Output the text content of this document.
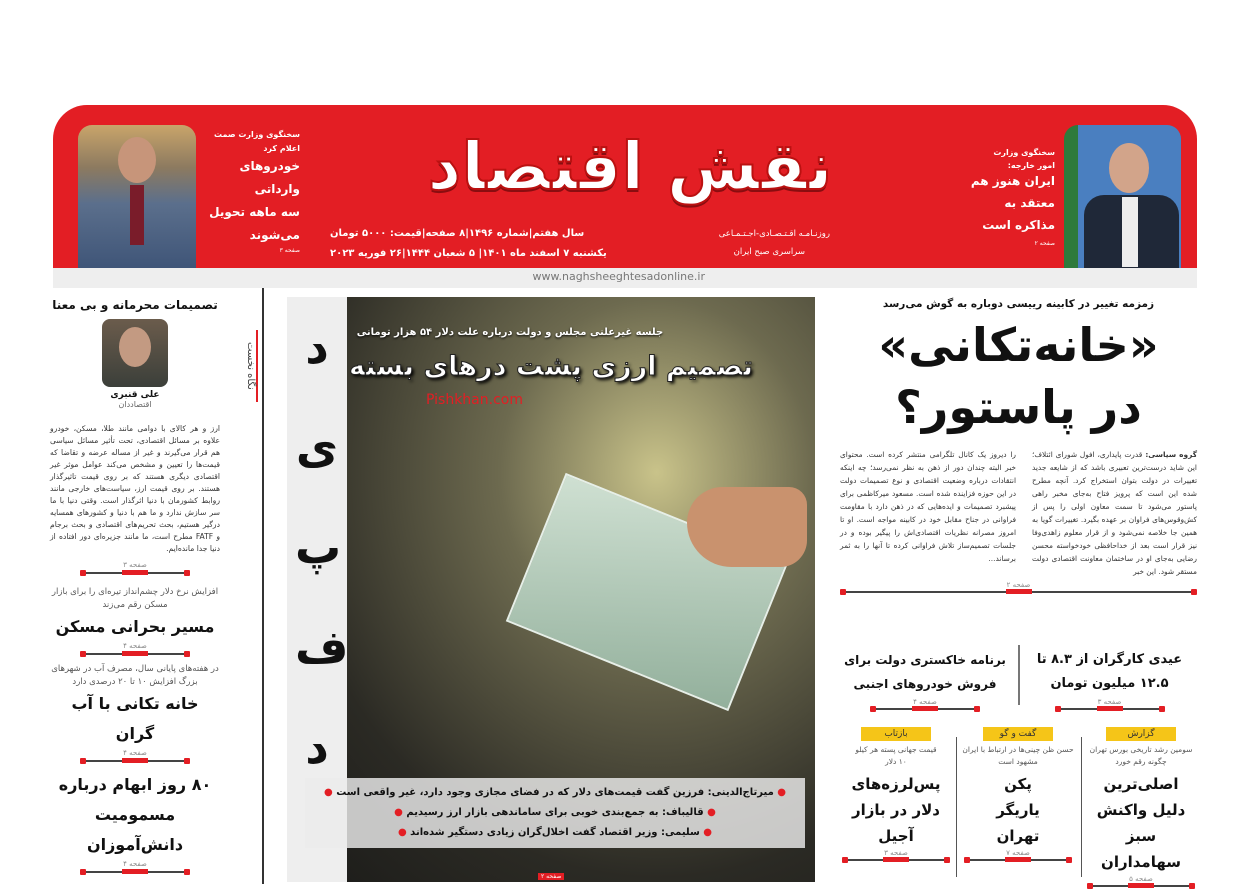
www.naghsheeghtesadonline.ir
سخنگوی وزارت صمت
اعلام کرد
خودروهای
وارداتی
سه ماهه تحویل
می‌شوند
صفحه ۳
نقش اقتصاد
روزنـامـه اقـتـصـادی-اجـتـمـاعی
سراسری صبح ایران
سال هفتم|شماره ۱۴۹۶|۸ صفحه|قیمت: ۵۰۰۰ تومان
یکشنبه ۷ اسفند ماه ۱۴۰۱| ۵ شعبان ۱۴۴۴|۲۶ فوریه ۲۰۲۳
سخنگوی وزارت
امور خارجه:
ایران هنوز هم
معتقد به
مذاکره است
صفحه ۲
نگاه نخست
تصمیمات محرمانه و بی معنا
علی قنبری
اقتصاددان
ارز و هر کالای با دوامی مانند طلا، مسکن، خودرو علاوه بر مسائل اقتصادی، تحت تأثیر مسائل سیاسی هم قرار می‌گیرند و غیر از مساله عرضه و تقاضا که قیمت‌ها را تعیین و مشخص می‌کند عوامل موثر غیر اقتصادی دیگری هستند که بر روی قیمت تاثیرگذار هستند. بر روی قیمت ارز، سیاست‌های خارجی مانند روابط کشورمان با دنیا اثرگذار است. وقتی دنیا با ما سر سازش ندارد و ما هم با دنیا و کشورهای همسایه درگیر هستیم، بحث تحریم‌های اقتصادی و بحث برجام و FATF مطرح است، ما مانند جزیره‌ای دور افتاده از دنیا جدا مانده‌ایم.
صفحه ۳
افزایش نرخ دلار چشم‌انداز تیره‌ای را برای بازار مسکن رقم می‌زند
مسیر بحرانی مسکن
صفحه ۴
در هفته‌های پایانی سال، مصرف آب در شهرهای بزرگ افزایش ۱۰ تا ۲۰ درصدی دارد
خانه تکانی با آب گران
صفحه ۴
۸۰ روز ابهام درباره مسمومیت دانش‌آموزان
صفحه ۴
د
ی
پ
ف
د
جلسه غیرعلنی مجلس و دولت درباره علت دلار ۵۴ هزار تومانی
تصمیم ارزی پشت درهای بسته
Pishkhan.com
● میرتاج‌الدینی: فرزین گفت قیمت‌های دلار که در فضای مجازی وجود دارد، غیر واقعی است ●
● قالیباف: به جمع‌بندی خوبی برای ساماندهی بازار ارز رسیدیم ●
● سلیمی: وزیر اقتصاد گفت اخلال‌گران زیادی دستگیر شده‌اند ●
صفحه ۲
زمزمه تغییر در کابینه رییسی دوباره به گوش می‌رسد
«خانه‌تکانی»
در پاستور؟
گروه سیاسی: قدرت پایداری، افول شورای ائتلاف؛ این شاید درست‌ترین تعبیری باشد که از شایعه جدید تغییرات در دولت بتوان استخراج کرد. آنچه مطرح شده این است که پرویز فتاح به‌جای مخبر راهی پاستور می‌شود تا سمت معاون اولی را پس از کش‌وقوس‌های فراوان بر عهده بگیرد. تغییرات گویا به همین جا خلاصه نمی‌شود و از قرار معلوم زاهدی‌وفا نیز قرار است بعد از خداحافظی خودخواسته محسن رضایی به‌جای او در ساختمان معاونت اقتصادی دولت مستقر شود. این خبر
را دیروز یک کانال تلگرامی منتشر کرده است. محتوای خبر البته چندان دور از ذهن به نظر نمی‌رسد؛ چه اینکه انتقادات درباره وضعیت اقتصادی و نوع تصمیمات دولت در این حوزه فزاینده شده است. مسعود میرکاظمی برای پیشبرد تصمیمات و ایده‌هایی که در ذهن دارد با مقاومت فراوانی در جناح مقابل خود در کابینه مواجه است. او تا امروز مصرانه نظریات اقتصادی‌اش را پیگیر بوده و در جلسات تصمیم‌ساز تلاش فراوانی کرده تا آنها را به ثمر برساند...
صفحه ۲
عیدی کارگران از ۸.۳ تا ۱۲.۵ میلیون تومان
صفحه ۳
برنامه خاکستری دولت برای فروش خودروهای اجنبی
صفحه ۴
گزارش
سومین رشد تاریخی بورس تهران چگونه رقم خورد
اصلی‌ترین دلیل واکنش سبز سهامداران
صفحه ۵
گفت و گو
حسن ظن چینی‌ها در ارتباط با ایران مشهود است
پکن یاریگر تهران
صفحه ۷
بازتاب
قیمت جهانی پسته هر کیلو ۱۰ دلار
پس‌لرزه‌های دلار در بازار آجیل
صفحه ۳
